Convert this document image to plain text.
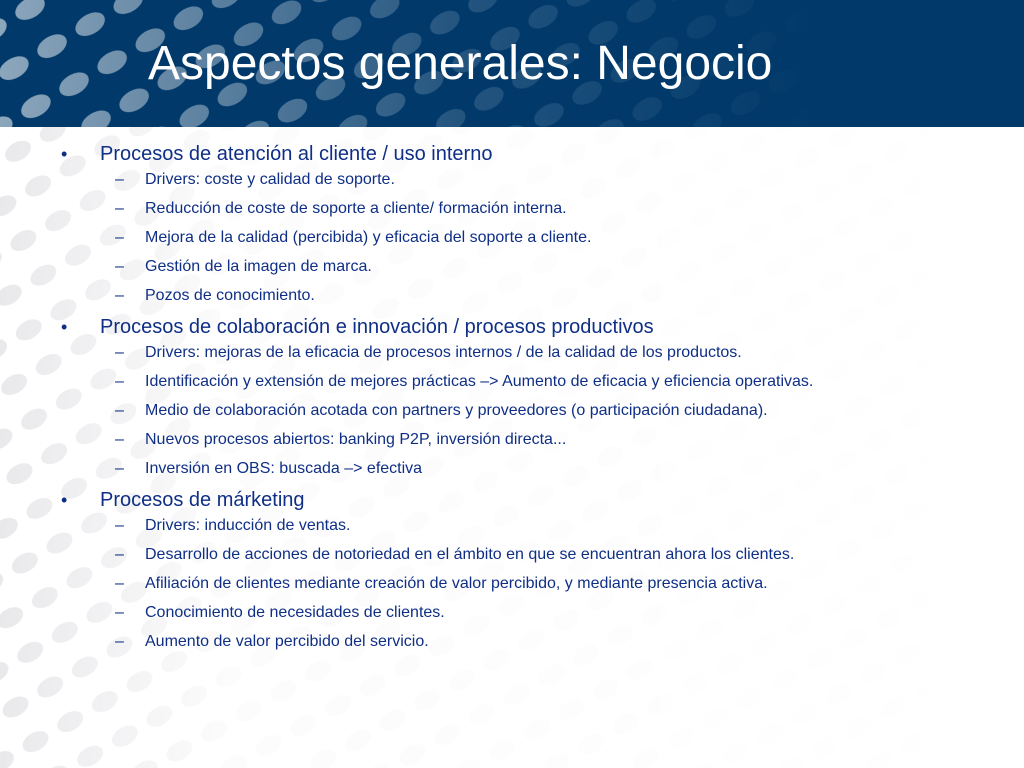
Aspectos generales: Negocio
• Procesos de atención al cliente / uso interno
– Drivers: coste y calidad de soporte.
– Reducción de coste de soporte a cliente/ formación interna.
– Mejora de la calidad (percibida) y eficacia del soporte a cliente.
– Gestión de la imagen de marca.
– Pozos de conocimiento.
• Procesos de colaboración e innovación / procesos productivos
– Drivers: mejoras de la eficacia de procesos internos / de la calidad de los productos.
– Identificación y extensión de mejores prácticas –> Aumento de eficacia y eficiencia operativas.
– Medio de colaboración acotada con partners y proveedores (o participación ciudadana).
– Nuevos procesos abiertos: banking P2P, inversión directa...
– Inversión en OBS: buscada –> efectiva
• Procesos de márketing
– Drivers: inducción de ventas.
– Desarrollo de acciones de notoriedad en el ámbito en que se encuentran ahora los clientes.
– Afiliación de clientes mediante creación de valor percibido, y mediante presencia activa.
– Conocimiento de necesidades de clientes.
– Aumento de valor percibido del servicio.
